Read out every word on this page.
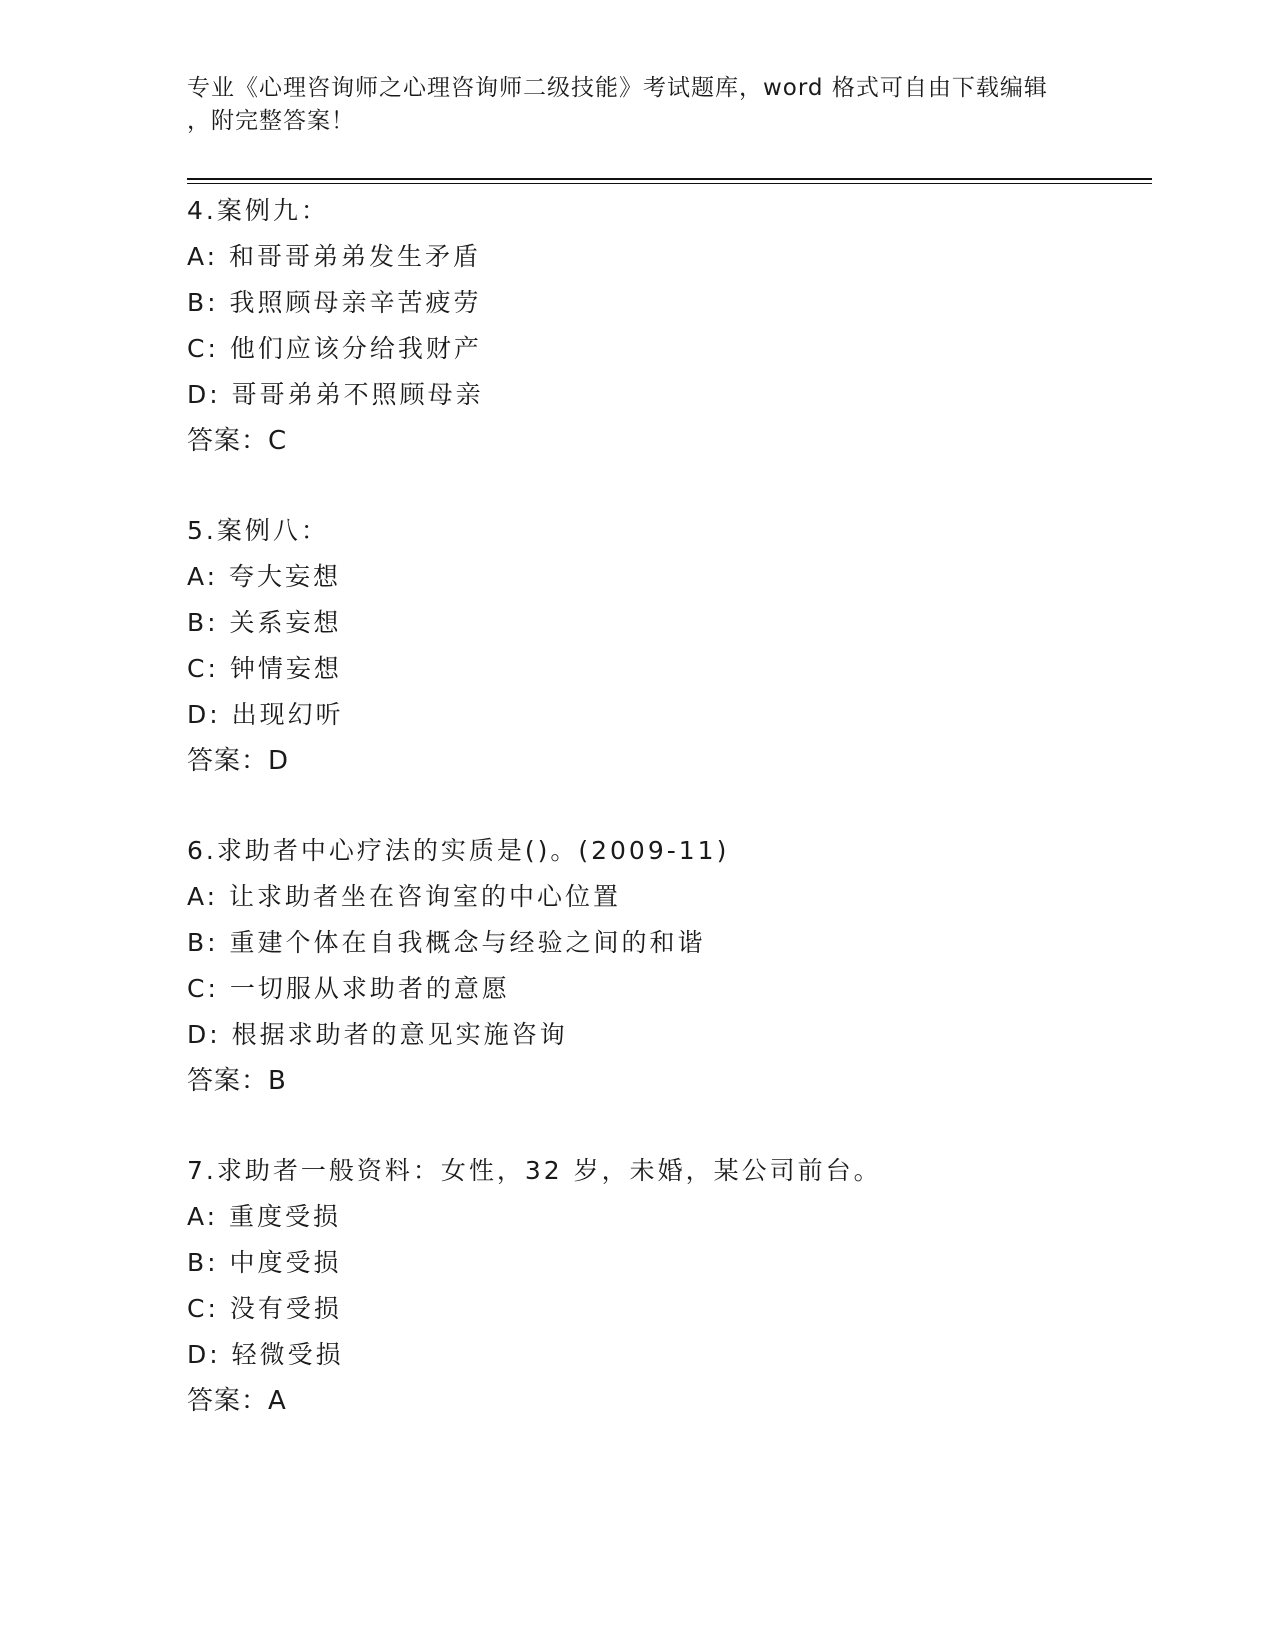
专业《心理咨询师之心理咨询师二级技能》考试题库，word 格式可自由下载编辑
，附完整答案！
4.案例九：
A: 和哥哥弟弟发生矛盾
B: 我照顾母亲辛苦疲劳
C: 他们应该分给我财产
D: 哥哥弟弟不照顾母亲
答案：C
5.案例八：
A: 夸大妄想
B: 关系妄想
C: 钟情妄想
D: 出现幻听
答案：D
6.求助者中心疗法的实质是()。(2009-11)
A: 让求助者坐在咨询室的中心位置
B: 重建个体在自我概念与经验之间的和谐
C: 一切服从求助者的意愿
D: 根据求助者的意见实施咨询
答案：B
7.求助者一般资料：女性，32 岁，未婚，某公司前台。
A: 重度受损
B: 中度受损
C: 没有受损
D: 轻微受损
答案：A
